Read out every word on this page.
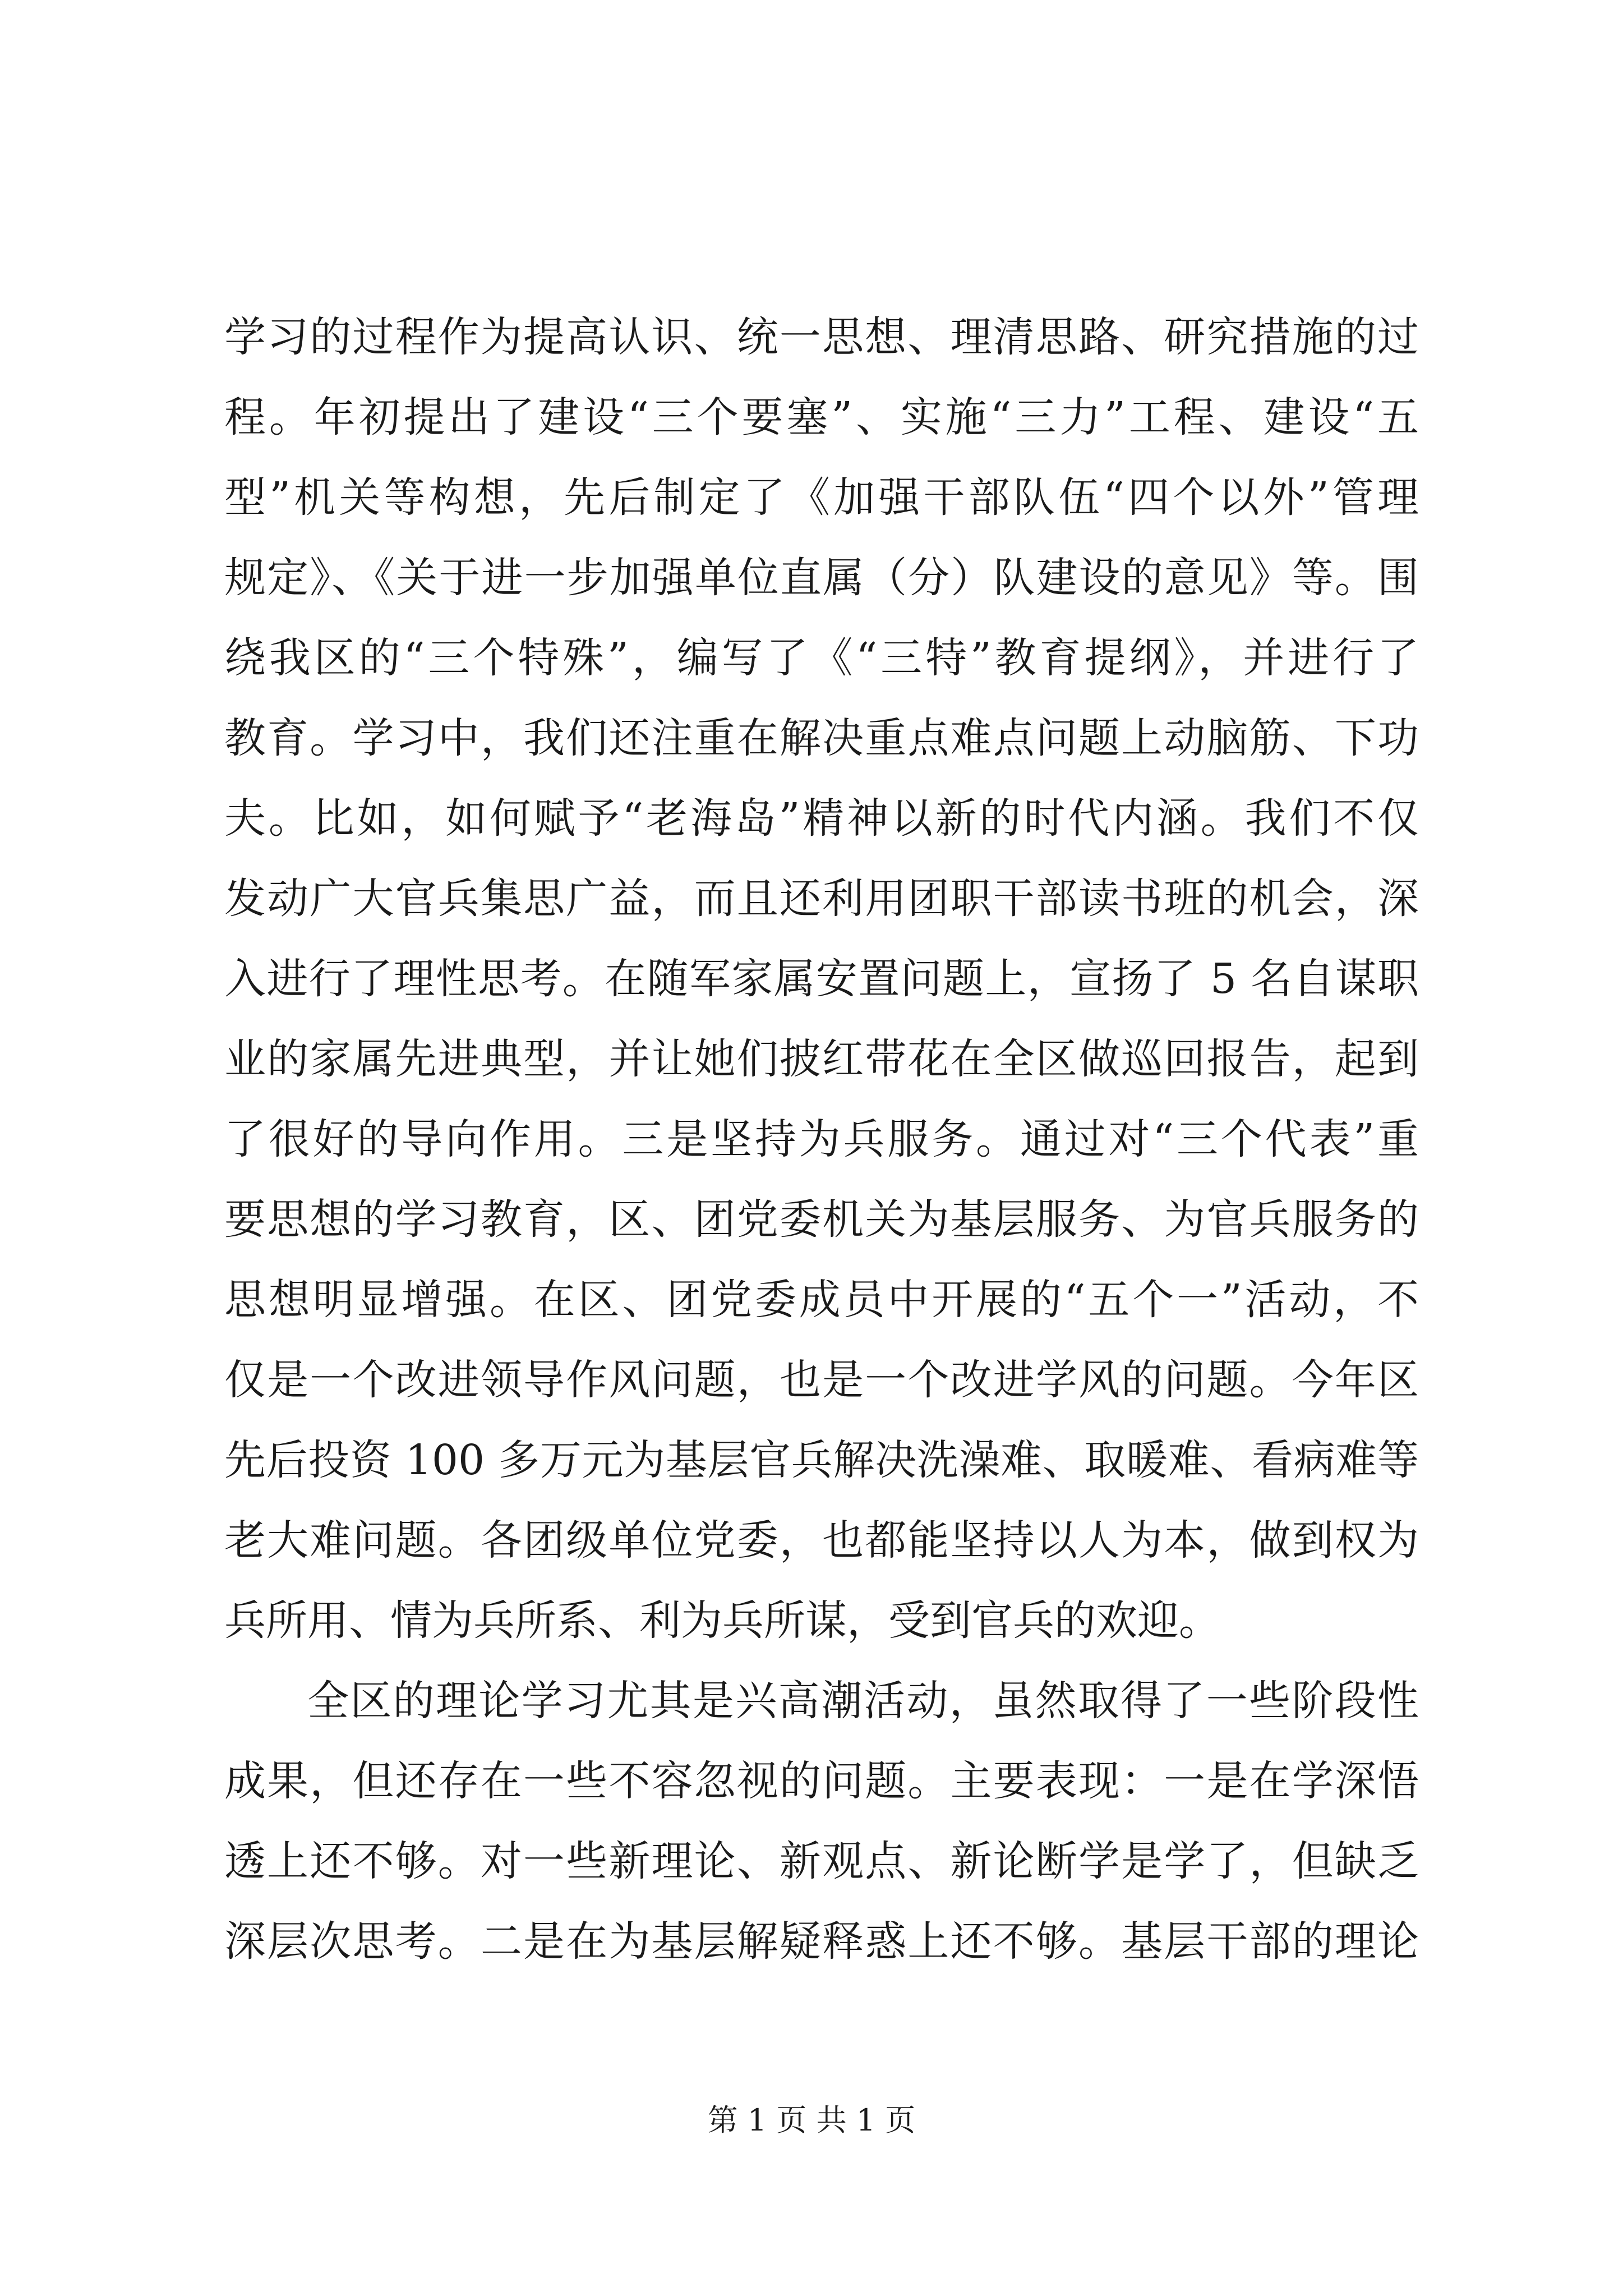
学习的过程作为提高认识、统一思想、理清思路、研究措施的过
程。年初提出了建设“三个要塞”、实施“三力”工程、建设“五
型”机关等构想，先后制定了《加强干部队伍“四个以外”管理
规定》、《关于进一步加强单位直属（分）队建设的意见》等。围
绕我区的“三个特殊”，编写了《“三特”教育提纲》，并进行了
教育。学习中，我们还注重在解决重点难点问题上动脑筋、下功
夫。比如，如何赋予“老海岛”精神以新的时代内涵。我们不仅
发动广大官兵集思广益，而且还利用团职干部读书班的机会，深
入进行了理性思考。在随军家属安置问题上，宣扬了 5 名自谋职
业的家属先进典型，并让她们披红带花在全区做巡回报告，起到
了很好的导向作用。三是坚持为兵服务。通过对“三个代表”重
要思想的学习教育，区、团党委机关为基层服务、为官兵服务的
思想明显增强。在区、团党委成员中开展的“五个一”活动，不
仅是一个改进领导作风问题，也是一个改进学风的问题。今年区
先后投资 100 多万元为基层官兵解决洗澡难、取暖难、看病难等
老大难问题。各团级单位党委，也都能坚持以人为本，做到权为
兵所用、情为兵所系、利为兵所谋，受到官兵的欢迎。
全区的理论学习尤其是兴高潮活动，虽然取得了一些阶段性
成果，但还存在一些不容忽视的问题。主要表现：一是在学深悟
透上还不够。对一些新理论、新观点、新论断学是学了，但缺乏
深层次思考。二是在为基层解疑释惑上还不够。基层干部的理论
第 1 页 共 1 页
